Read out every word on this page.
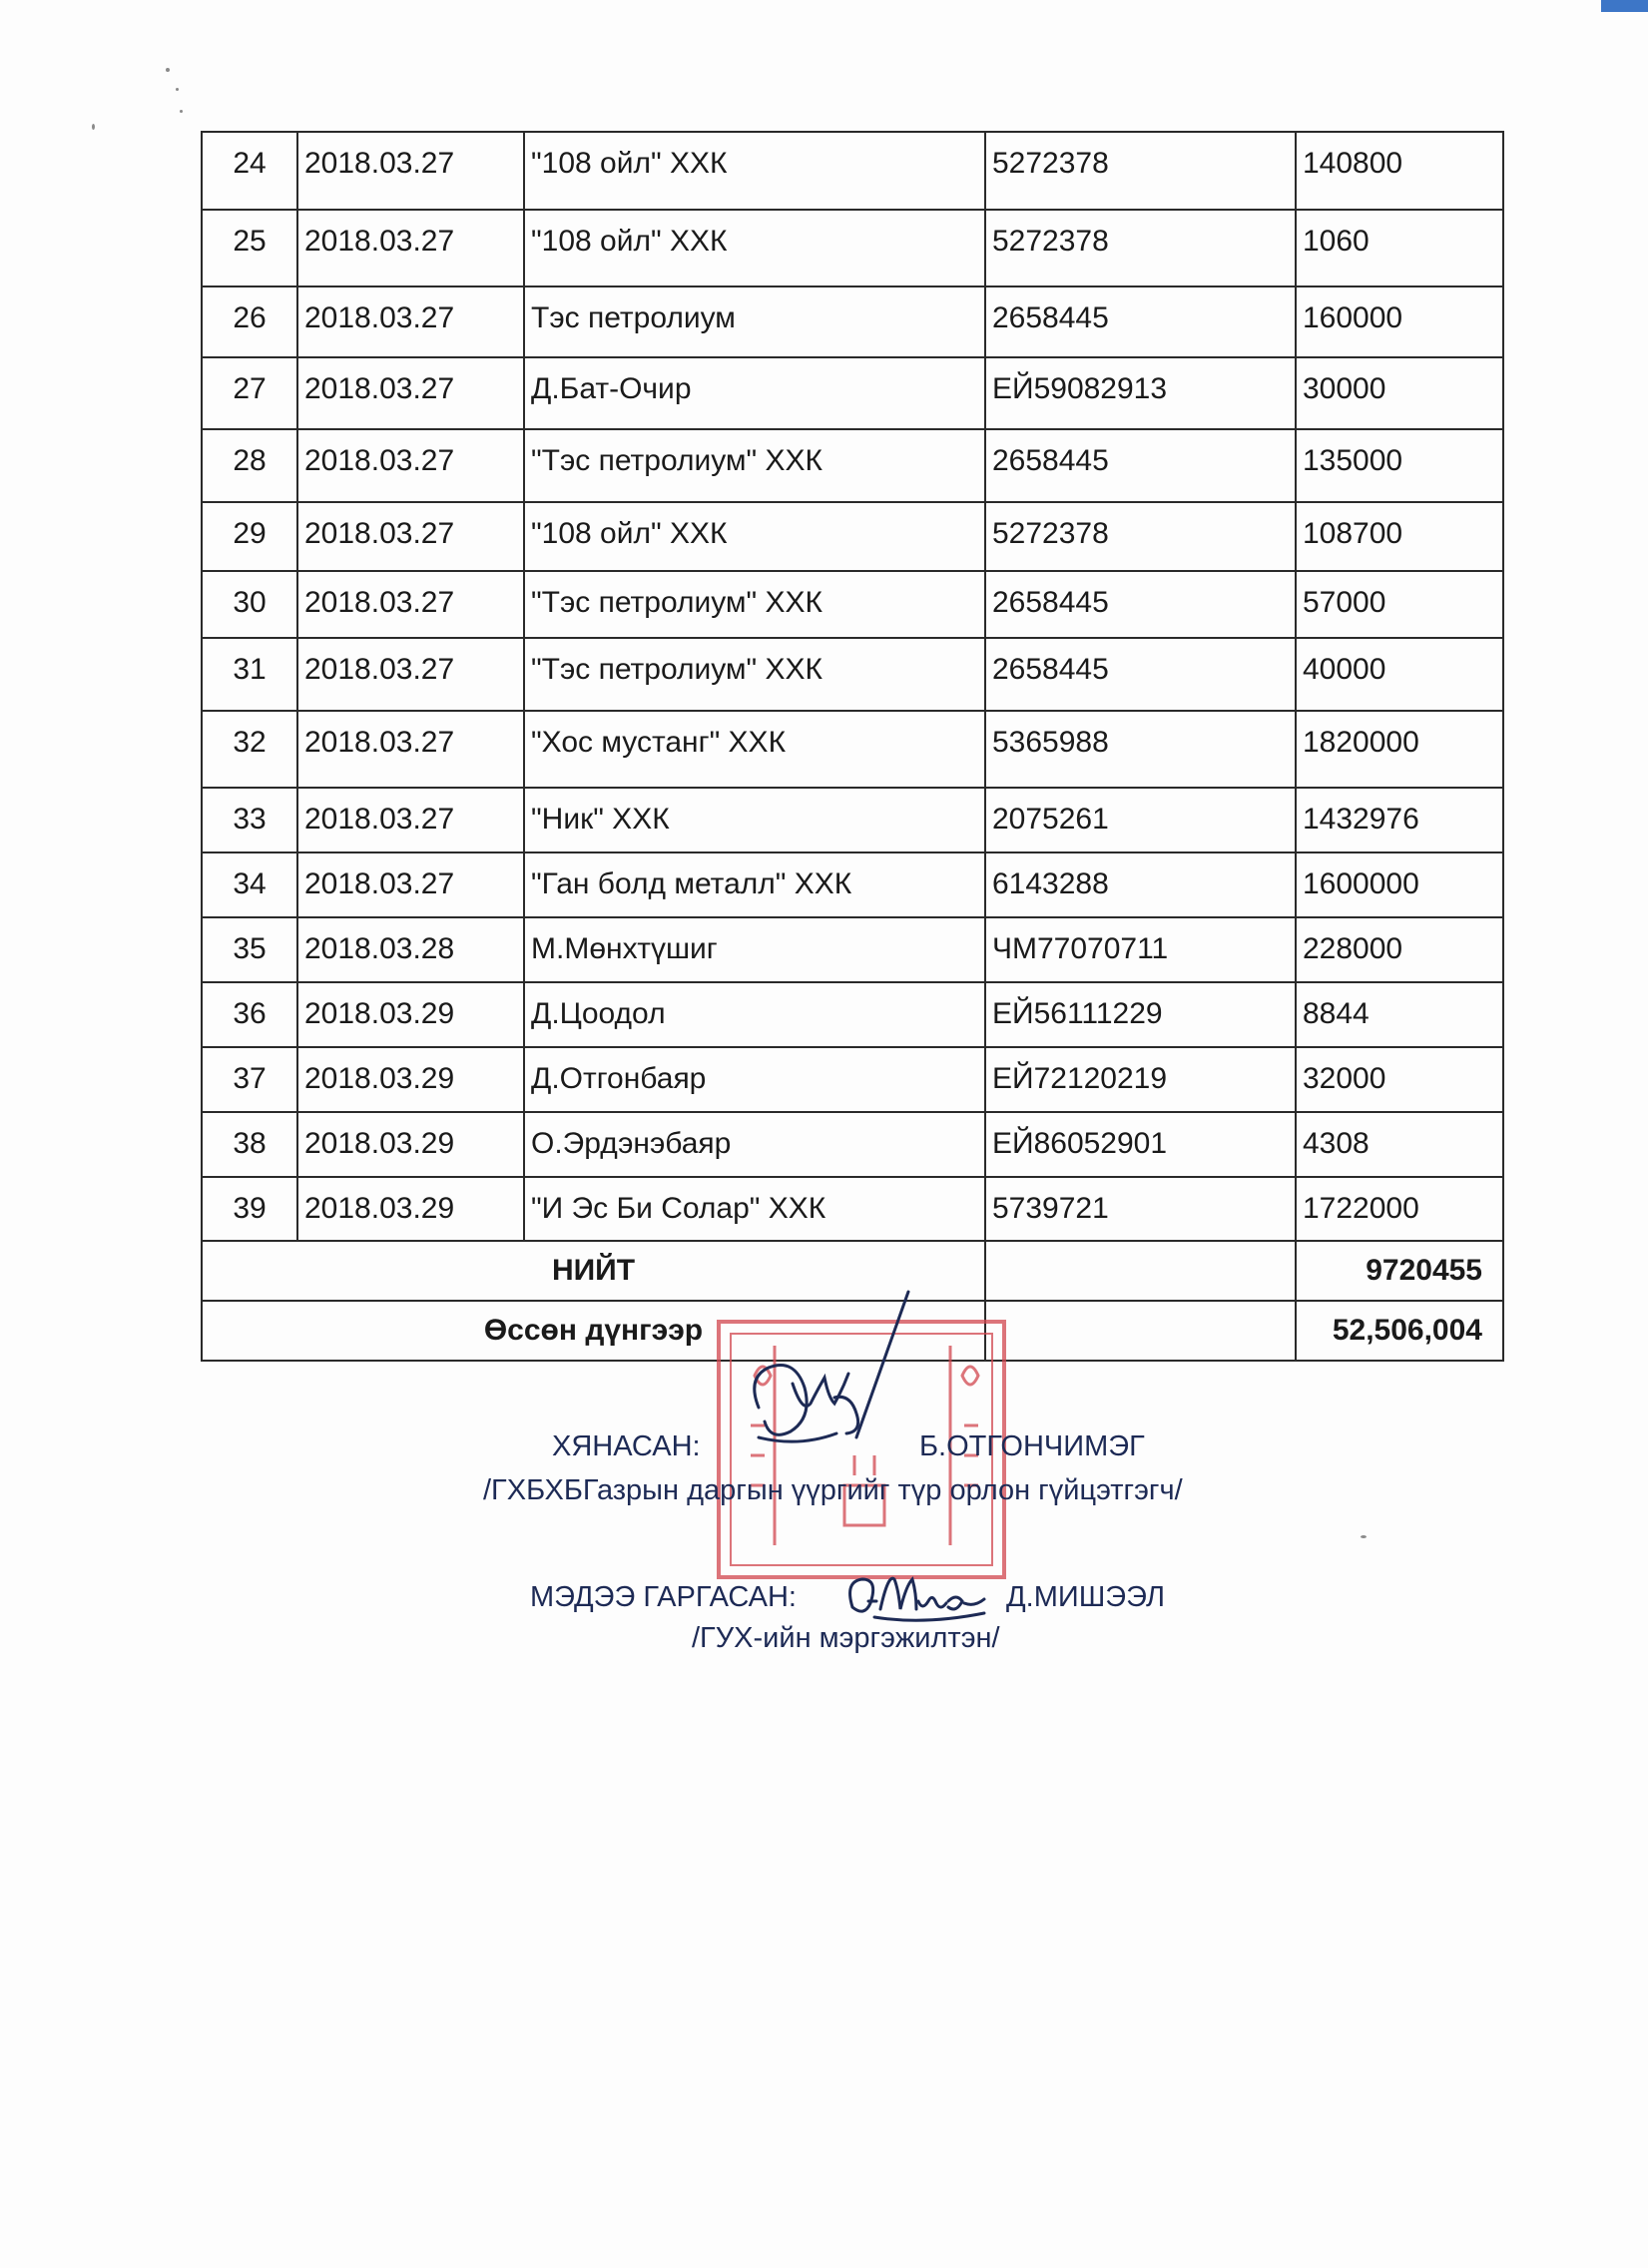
24	2018.03.27	"108 ойл" ХХК	5272378	140800
25	2018.03.27	"108 ойл" ХХК	5272378	1060
26	2018.03.27	Тэс петролиум	2658445	160000
27	2018.03.27	Д.Бат-Очир	ЕЙ59082913	30000
28	2018.03.27	"Тэс петролиум" ХХК	2658445	135000
29	2018.03.27	"108 ойл" ХХК	5272378	108700
30	2018.03.27	"Тэс петролиум" ХХК	2658445	57000
31	2018.03.27	"Тэс петролиум" ХХК	2658445	40000
32	2018.03.27	"Хос мустанг" ХХК	5365988	1820000
33	2018.03.27	"Ник" ХХК	2075261	1432976
34	2018.03.27	"Ган болд металл" ХХК	6143288	1600000
35	2018.03.28	М.Мөнхтүшиг	ЧМ77070711	228000
36	2018.03.29	Д.Цоодол	ЕЙ56111229	8844
37	2018.03.29	Д.Отгонбаяр	ЕЙ72120219	32000
38	2018.03.29	О.Эрдэнэбаяр	ЕЙ86052901	4308
39	2018.03.29	"И Эс Би Солар" ХХК	5739721	1722000
НИЙТ				9720455
Өссөн дүнгээр				52,506,004
ХЯНАСАН:	Б.ОТГОНЧИМЭГ
/ГХБХБГазрын даргын үүргийг түр орлон гүйцэтгэгч/
МЭДЭЭ ГАРГАСАН:	Д.МИШЭЭЛ
/ГУХ-ийн мэргэжилтэн/
